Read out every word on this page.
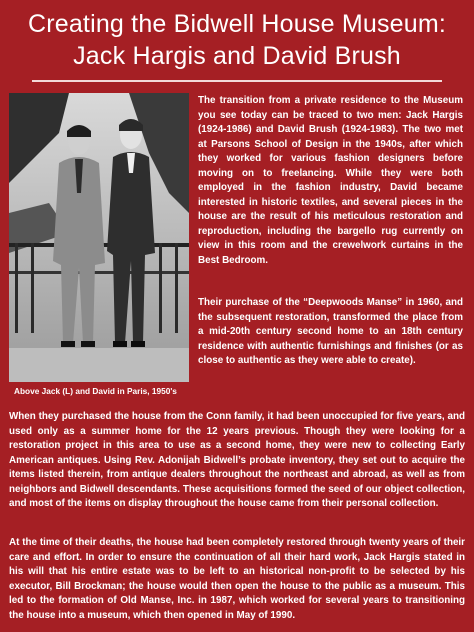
Creating the Bidwell House Museum:
Jack Hargis and David Brush
Above Jack (L) and David in Paris, 1950's

The transition from a private residence to the Museum you see today can be traced to two men: Jack Hargis (1924-1986) and David Brush (1924-1983). The two met at Parsons School of Design in the 1940s, after which they worked for various fashion designers before moving on to freelancing. While they were both employed in the fashion industry, David became interested in historic textiles, and several pieces in the house are the result of his meticulous restoration and reproduction, including the bargello rug currently on view in this room and the crewelwork curtains in the Best Bedroom.

Their purchase of the “Deepwoods Manse” in 1960, and the subsequent restoration, transformed the place from a mid-20th century second home to an 18th century residence with authentic furnishings and finishes (or as close to authentic as they were able to create).

When they purchased the house from the Conn family, it had been unoccupied for five years, and used only as a summer home for the 12 years previous. Though they were looking for a restoration project in this area to use as a second home, they were new to collecting Early American antiques. Using Rev. Adonijah Bidwell’s probate inventory, they set out to acquire the items listed therein, from antique dealers throughout the northeast and abroad, as well as from neighbors and Bidwell descendants. These acquisitions formed the seed of our object collection, and most of the items on display throughout the house came from their personal collection.

At the time of their deaths, the house had been completely restored through twenty years of their care and effort. In order to ensure the continuation of all their hard work, Jack Hargis stated in his will that his entire estate was to be left to an historical non-profit to be selected by his executor, Bill Brockman; the house would then open the house to the public as a museum. This led to the formation of Old Manse, Inc. in 1987, which worked for several years to transitioning the house into a museum, which then opened in May of 1990.
